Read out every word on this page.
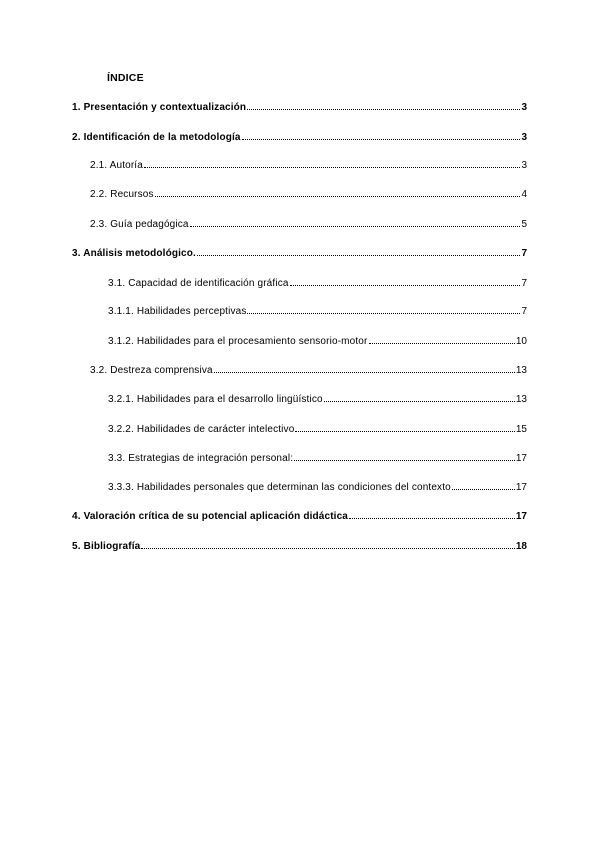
ÍNDICE
1. Presentación y contextualización	3
2. Identificación de la metodología	3
2.1. Autoría	3
2.2. Recursos	4
2.3. Guía pedagógica	5
3. Análisis metodológico.	7
3.1. Capacidad de identificación gráfica	7
3.1.1. Habilidades perceptivas	7
3.1.2. Habilidades para el procesamiento sensorio-motor	10
3.2. Destreza comprensiva	13
3.2.1. Habilidades para el desarrollo lingüístico	13
3.2.2. Habilidades de carácter intelectivo	15
3.3. Estrategias de integración personal:	17
3.3.3. Habilidades personales que determinan las condiciones del contexto	17
4. Valoración crítica de su potencial aplicación didáctica	17
5. Bibliografía	18
